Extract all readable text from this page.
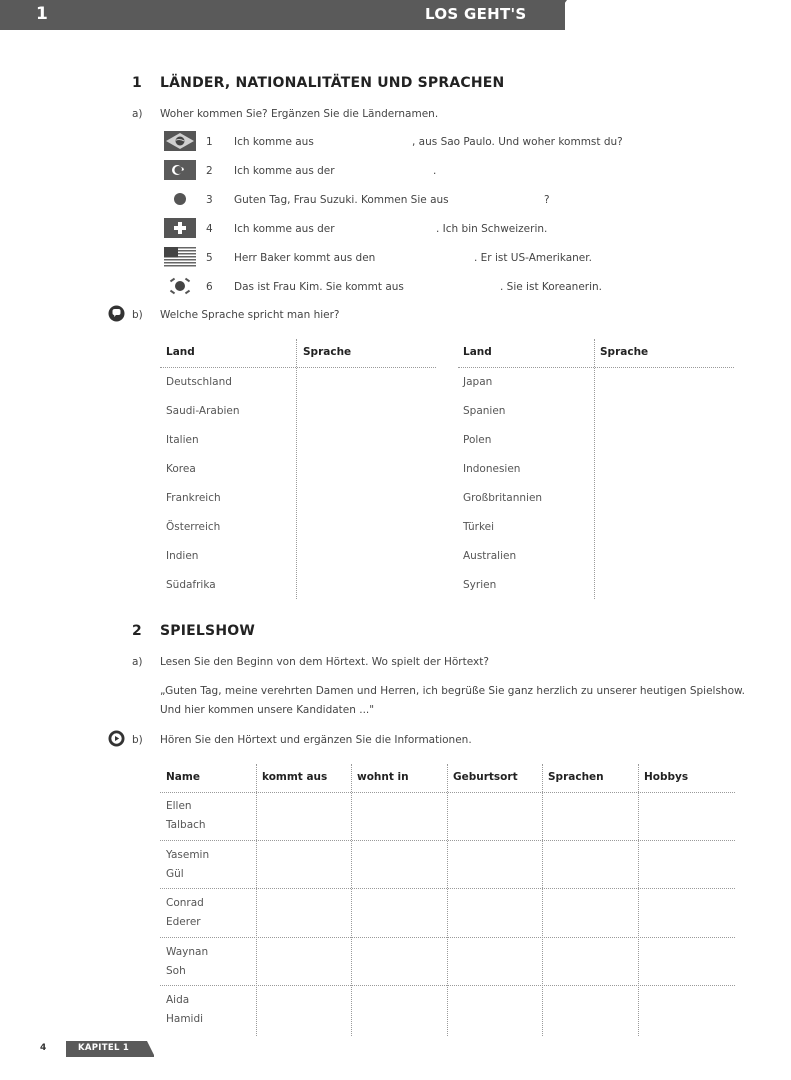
1	LOS GEHT'S
1 LÄNDER, NATIONALITÄTEN UND SPRACHEN
a) Woher kommen Sie? Ergänzen Sie die Ländernamen.
1 Ich komme aus	, aus Sao Paulo. Und woher kommst du?
2 Ich komme aus der	.
3 Guten Tag, Frau Suzuki. Kommen Sie aus	?
4 Ich komme aus der	. Ich bin Schweizerin.
5 Herr Baker kommt aus den	. Er ist US-Amerikaner.
6 Das ist Frau Kim. Sie kommt aus	. Sie ist Koreanerin.
b) Welche Sprache spricht man hier?
Land	Sprache
Deutschland
Saudi-Arabien
Italien
Korea
Frankreich
Österreich
Indien
Südafrika
Land	Sprache
Japan
Spanien
Polen
Indonesien
Großbritannien
Türkei
Australien
Syrien
2 SPIELSHOW
a) Lesen Sie den Beginn von dem Hörtext. Wo spielt der Hörtext?
„Guten Tag, meine verehrten Damen und Herren, ich begrüße Sie ganz herzlich zu unserer heutigen Spielshow.
Und hier kommen unsere Kandidaten ..."
b) Hören Sie den Hörtext und ergänzen Sie die Informationen.
Name	kommt aus	wohnt in	Geburtsort	Sprachen	Hobbys
Ellen
Talbach
Yasemin
Gül
Conrad
Ederer
Waynan
Soh
Aida
Hamidi
4	KAPITEL 1
